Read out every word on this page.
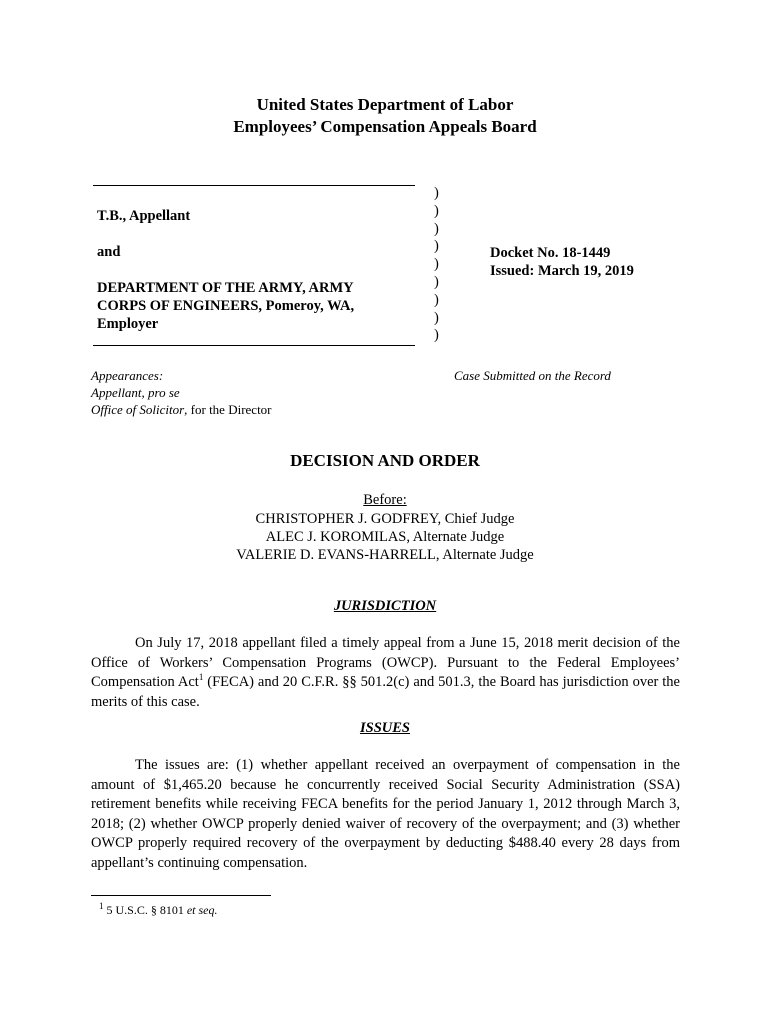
United States Department of Labor
Employees’ Compensation Appeals Board
T.B., Appellant
and
DEPARTMENT OF THE ARMY, ARMY
CORPS OF ENGINEERS, Pomeroy, WA,
Employer
)
)
)
)
)
)
)
)
)
Docket No. 18-1449
Issued: March 19, 2019
Appearances:
Appellant, pro se
Office of Solicitor, for the Director
Case Submitted on the Record
DECISION AND ORDER
Before:
CHRISTOPHER J. GODFREY, Chief Judge
ALEC J. KOROMILAS, Alternate Judge
VALERIE D. EVANS-HARRELL, Alternate Judge
JURISDICTION
On July 17, 2018 appellant filed a timely appeal from a June 15, 2018 merit decision of the Office of Workers’ Compensation Programs (OWCP). Pursuant to the Federal Employees’ Compensation Act$^1$ (FECA) and 20 C.F.R. §§ 501.2(c) and 501.3, the Board has jurisdiction over the merits of this case.
ISSUES
The issues are: (1) whether appellant received an overpayment of compensation in the amount of $1,465.20 because he concurrently received Social Security Administration (SSA) retirement benefits while receiving FECA benefits for the period January 1, 2012 through March 3, 2018; (2) whether OWCP properly denied waiver of recovery of the overpayment; and (3) whether OWCP properly required recovery of the overpayment by deducting $488.40 every 28 days from appellant’s continuing compensation.
$^1$ 5 U.S.C. § 8101 et seq.
